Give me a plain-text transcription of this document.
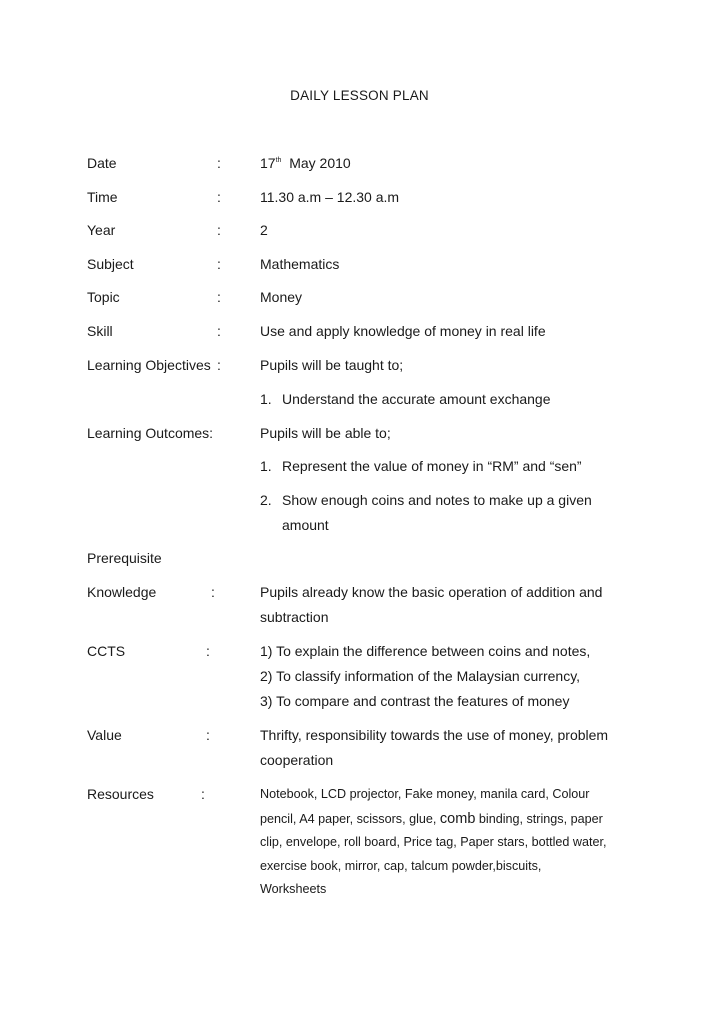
DAILY LESSON PLAN
Date	:	17th May 2010
Time	:	11.30 a.m – 12.30 a.m
Year	:	2
Subject	:	Mathematics
Topic	:	Money
Skill	:	Use and apply knowledge of money in real life
Learning Objectives :	Pupils will be taught to;
1. Understand the accurate amount exchange
Learning Outcomes:	Pupils will be able to;
1. Represent the value of money in “RM” and “sen”
2. Show enough coins and notes to make up a given
amount
Prerequisite
Knowledge	:	Pupils already know the basic operation of addition and
subtraction
CCTS	:	1) To explain the difference between coins and notes,
2) To classify information of the Malaysian currency,
3) To compare and contrast the features of money
Value	:	Thrifty, responsibility towards the use of money, problem
cooperation
Resources	:	Notebook, LCD projector, Fake money, manila card, Colour
pencil, A4 paper, scissors, glue, comb binding, strings, paper
clip, envelope, roll board, Price tag, Paper stars, bottled water,
exercise book, mirror, cap, talcum powder,biscuits,
Worksheets
